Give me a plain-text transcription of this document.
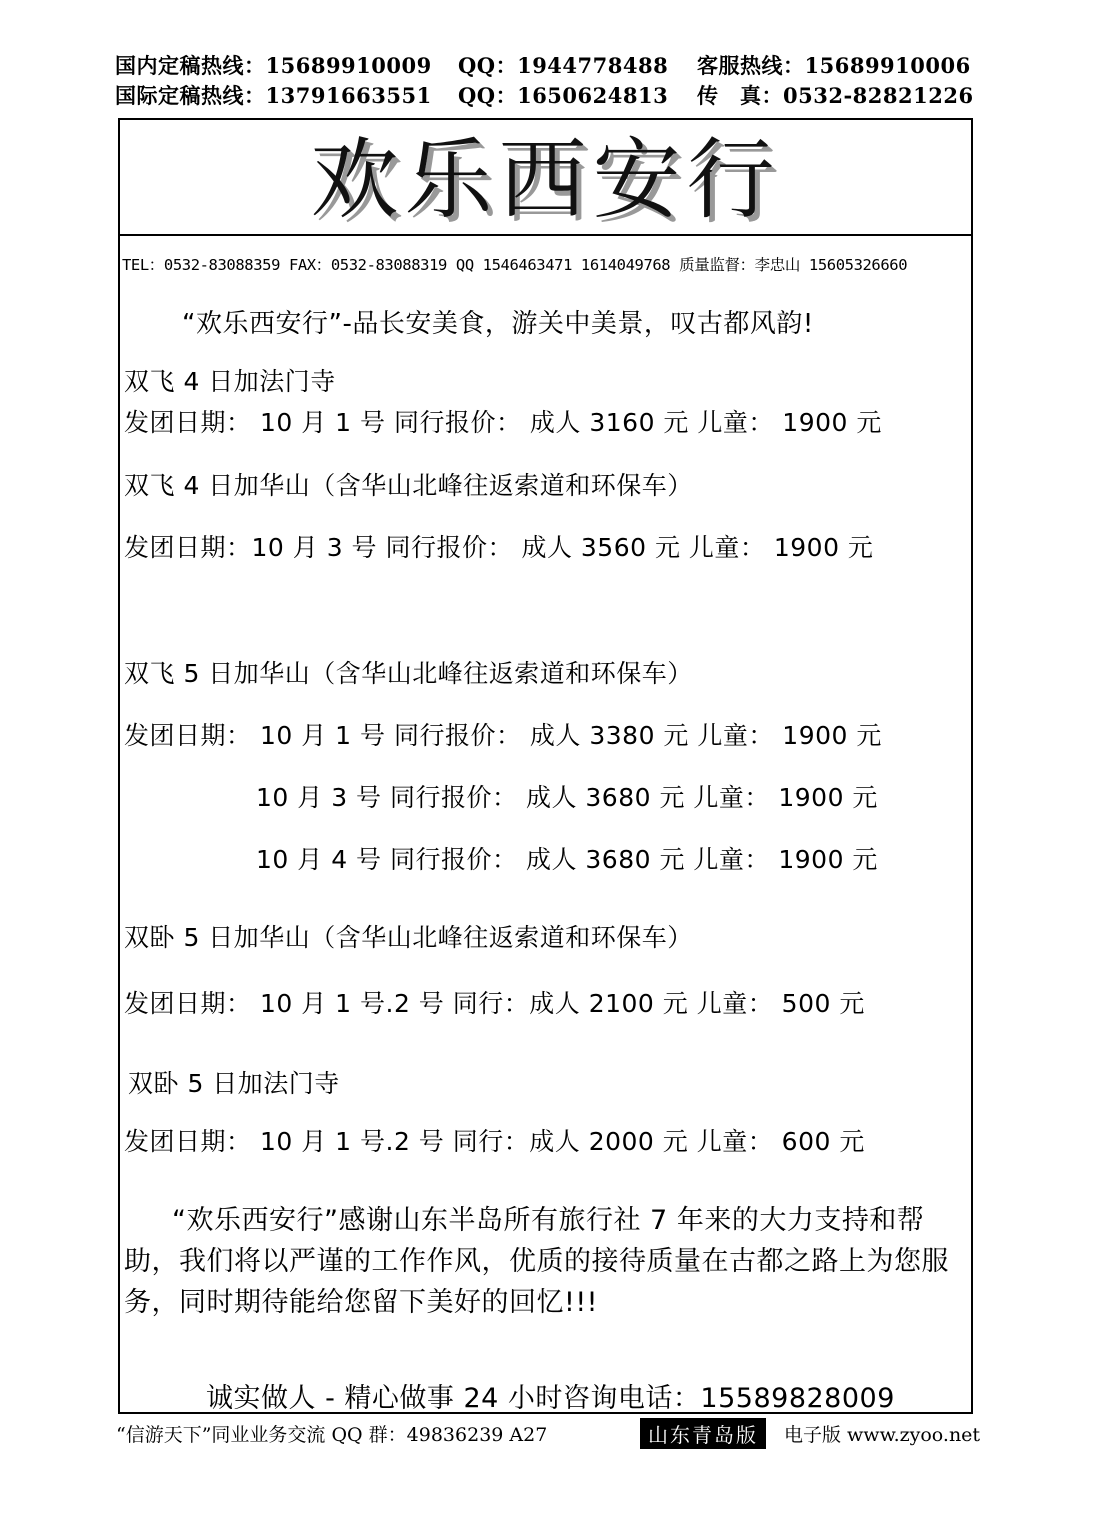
国内定稿热线：15689910009 QQ：1944778488 客服热线：15689910006
国际定稿热线：13791663551 QQ：1650624813 传　真：0532-82821226
欢乐西安行
TEL：0532-83088359 FAX：0532-83088319 QQ 1546463471 1614049768 质量监督：李忠山 15605326660
“欢乐西安行”-品长安美食，游关中美景，叹古都风韵!
双飞 4 日加法门寺
发团日期： 10 月 1 号 同行报价： 成人 3160 元 儿童： 1900 元
双飞 4 日加华山（含华山北峰往返索道和环保车）
发团日期：10 月 3 号 同行报价： 成人 3560 元 儿童： 1900 元
双飞 5 日加华山（含华山北峰往返索道和环保车）
发团日期： 10 月 1 号 同行报价： 成人 3380 元 儿童： 1900 元
10 月 3 号 同行报价： 成人 3680 元 儿童： 1900 元
10 月 4 号 同行报价： 成人 3680 元 儿童： 1900 元
双卧 5 日加华山（含华山北峰往返索道和环保车）
发团日期： 10 月 1 号.2 号 同行：成人 2100 元 儿童： 500 元
双卧 5 日加法门寺
发团日期： 10 月 1 号.2 号 同行：成人 2000 元 儿童： 600 元
“欢乐西安行”感谢山东半岛所有旅行社 7 年来的大力支持和帮助，我们将以严谨的工作作风，优质的接待质量在古都之路上为您服务，同时期待能给您留下美好的回忆!!!
诚实做人 - 精心做事 24 小时咨询电话：15589828009
“信游天下”同业业务交流 QQ 群：49836239 A27	山东青岛版	电子版 www.zyoo.net
